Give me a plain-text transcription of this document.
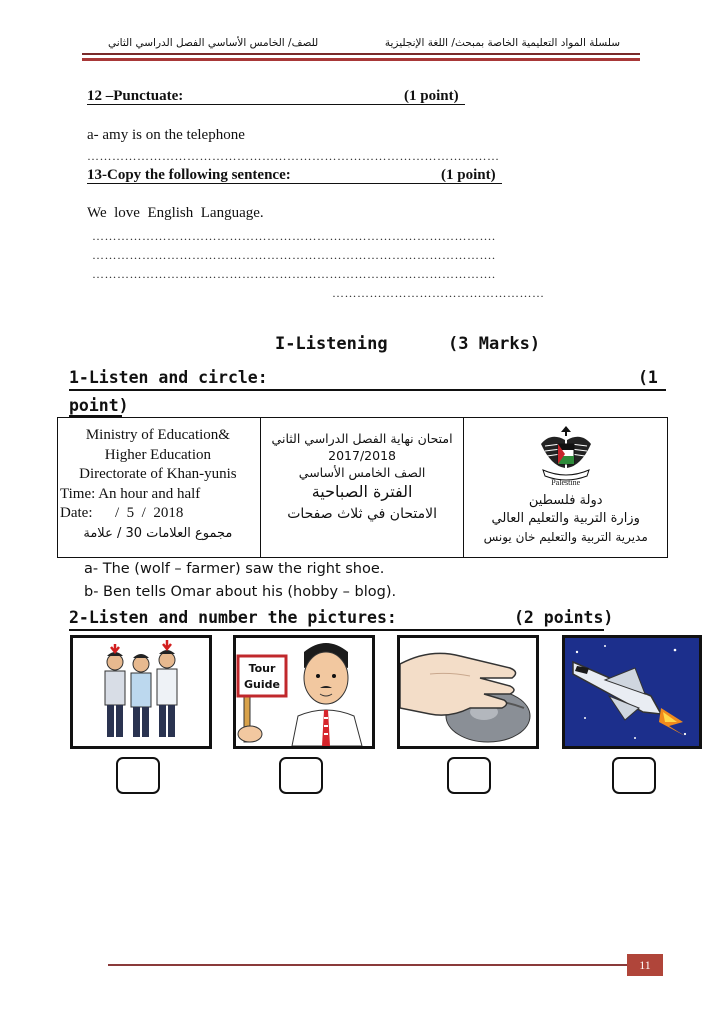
للصف/ الخامس الأساسي الفصل الدراسي الثاني	سلسلة المواد التعليمية الخاصة بمبحث/ اللغة الإنجليزية
12 –Punctuate:	(1 point)
a- amy is on the telephone
………………………………………………………………………………………
13-Copy the following sentence:	(1 point)
We  love  English  Language.
…………………………………………………………………………………….
…………………………………………………………………………………….
…………………………………………………………………………………….
……………………………………………
I-Listening	(3 Marks)
1-Listen and circle:	(1
point)
Ministry of Education&
Higher Education
Directorate of Khan-yunis
Time: An hour and half
Date:      /  5  /  2018
مجموع العلامات 30 / علامة

امتحان نهاية الفصل الدراسي الثاني
2017/2018
الصف الخامس الأساسي
الفترة الصباحية
الامتحان في ثلاث صفحات

Palestine
دولة فلسطين
وزارة التربية والتعليم العالي
مديرية التربية والتعليم خان يونس
a- The (wolf – farmer) saw the right shoe.
b- Ben tells Omar about his (hobby – blog).
2-Listen and number the pictures:	(2 points)
Tour
Guide
11
